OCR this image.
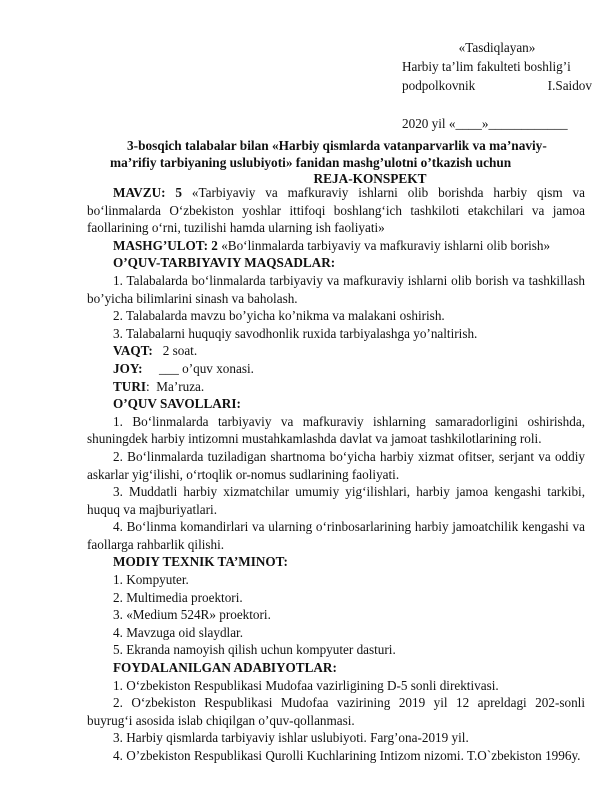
«Tasdiqlayan»
Harbiy ta’lim fakulteti boshlig’i
podpolkovnik	I.Saidov
2020 yil «____»____________
3-bosqich talabalar bilan «Harbiy qismlarda vatanparvarlik va ma’naviy-
ma’rifiy tarbiyaning uslubiyoti» fanidan mashg’ulotni o’tkazish uchun
REJA-KONSPEKT

MAVZU: 5 «Tarbiyaviy va mafkuraviy ishlarni olib borishda harbiy qism va bo‘linmalarda O‘zbekiston yoshlar ittifoqi boshlang‘ich tashkiloti etakchilari va jamoa faollarining o‘rni, tuzilishi hamda ularning ish faoliyati»

MASHG’ULOT: 2 «Bo‘linmalarda tarbiyaviy va mafkuraviy ishlarni olib borish»

O’QUV-TARBIYAVIY MAQSADLAR:

1. Talabalarda bo‘linmalarda tarbiyaviy va mafkuraviy ishlarni olib borish va tashkillash bo’yicha bilimlarini sinash va baholash.

2. Talabalarda mavzu bo’yicha ko’nikma va malakani oshirish.

3. Talabalarni huquqiy savodhonlik ruxida tarbiyalashga yo’naltirish.

VAQT:   2 soat.

JOY:     ___ o’quv xonasi.

TURI:  Ma’ruza.

O’QUV SAVOLLARI:

1. Bo‘linmalarda tarbiyaviy va mafkuraviy ishlarning samaradorligini oshirishda, shuningdek harbiy intizomni mustahkamlashda davlat va jamoat tashkilotlarining roli.

2. Bo‘linmalarda tuziladigan shartnoma bo‘yicha harbiy xizmat ofitser, serjant va oddiy askarlar yig‘ilishi, o‘rtoqlik or-nomus sudlarining faoliyati.

3. Muddatli harbiy xizmatchilar umumiy yig‘ilishlari, harbiy jamoa kengashi tarkibi, huquq va majburiyatlari.

4. Bo‘linma komandirlari va ularning o‘rinbosarlarining harbiy jamoatchilik kengashi va faollarga rahbarlik qilishi.

MODIY TEXNIK TA’MINOT:

1. Kompyuter.

2. Multimedia proektori.

3. «Medium 524R» proektori.

4. Mavzuga oid slaydlar.

5. Ekranda namoyish qilish uchun kompyuter dasturi.

FOYDALANILGAN ADABIYOTLAR:

1. O‘zbekiston Respublikasi Mudofaa vazirligining D-5 sonli direktivasi.

2. O‘zbekiston Respublikasi Mudofaa vazirining 2019 yil 12 apreldagi 202-sonli buyrug‘i asosida islab chiqilgan o’quv-qollanmasi.

3. Harbiy qismlarda tarbiyaviy ishlar uslubiyoti. Farg’ona-2019 yil.

4. O’zbekiston Respublikasi Qurolli Kuchlarining Intizom nizomi. T.O`zbekiston 1996y.
